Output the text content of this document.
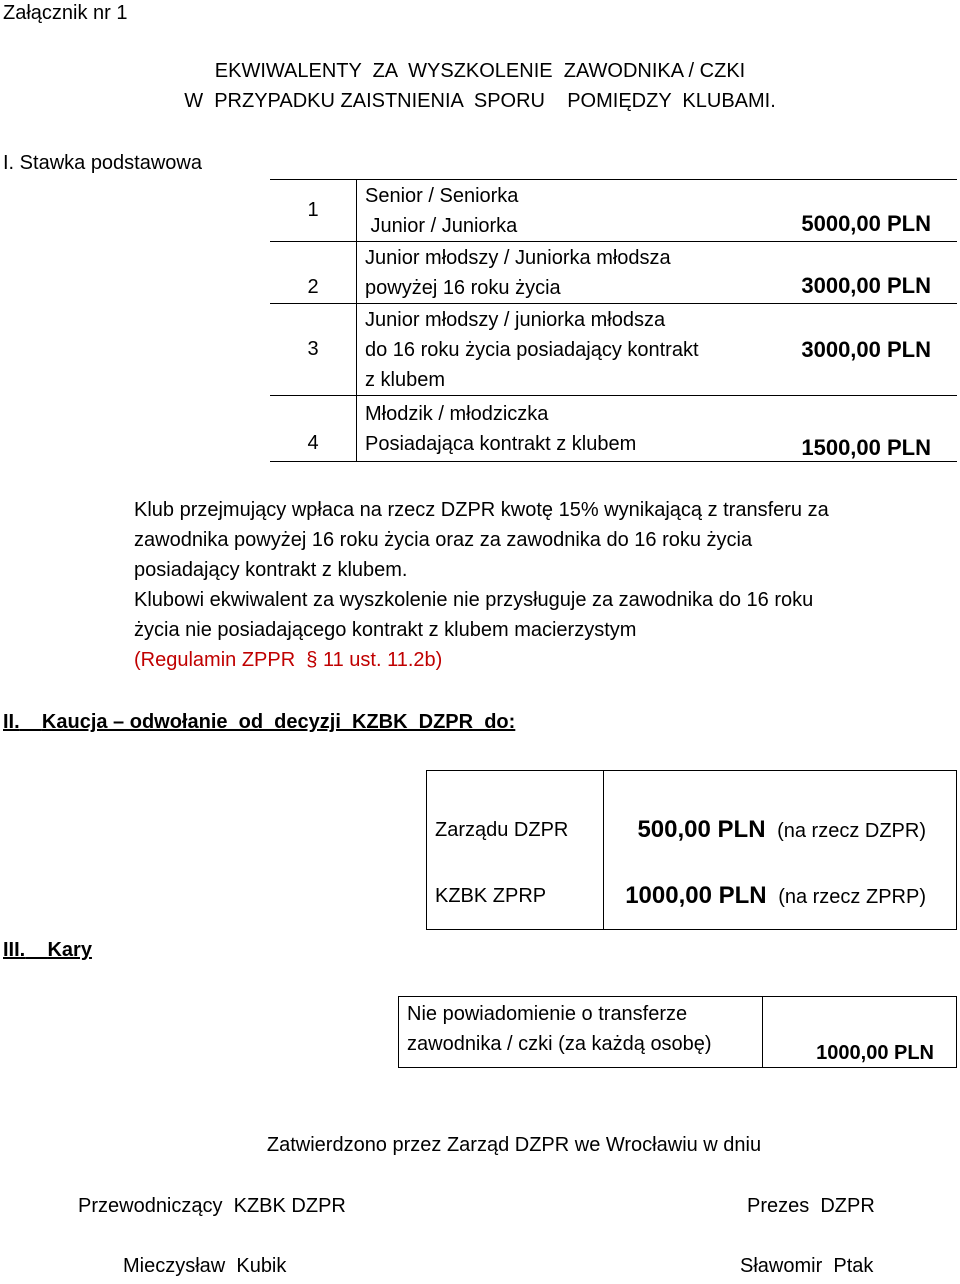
Załącznik nr 1
EKWIWALENTY  ZA  WYSZKOLENIE  ZAWODNIKA / CZKI
W  PRZYPADKU ZAISTNIENIA  SPORU    POMIĘDZY  KLUBAMI.
I. Stawka podstawowa
1	Senior / Seniorka
Junior / Juniorka	5000,00 PLN
2	Junior młodszy / Juniorka młodsza
powyżej 16 roku życia	3000,00 PLN
3	Junior młodszy / juniorka młodsza
do 16 roku życia posiadający kontrakt
z klubem	3000,00 PLN
4	Młodzik / młodziczka
Posiadająca kontrakt z klubem	1500,00 PLN
Klub przejmujący wpłaca na rzecz DZPR kwotę 15% wynikającą z transferu za
zawodnika powyżej 16 roku życia oraz za zawodnika do 16 roku życia
posiadający kontrakt z klubem.
Klubowi ekwiwalent za wyszkolenie nie przysługuje za zawodnika do 16 roku
życia nie posiadającego kontrakt z klubem macierzystym
(Regulamin ZPPR  § 11 ust. 11.2b)
II. Kaucja – odwołanie  od  decyzji  KZBK  DZPR  do:
Zarządu DZPR	500,00 PLN (na rzecz DZPR)
KZBK ZPRP	1000,00 PLN (na rzecz ZPRP)
III. Kary
Nie powiadomienie o transferze
zawodnika / czki (za każdą osobę)	1000,00 PLN
Zatwierdzono przez Zarząd DZPR we Wrocławiu w dniu
Przewodniczący  KZBK DZPR
Mieczysław  Kubik
Prezes  DZPR
Sławomir  Ptak
